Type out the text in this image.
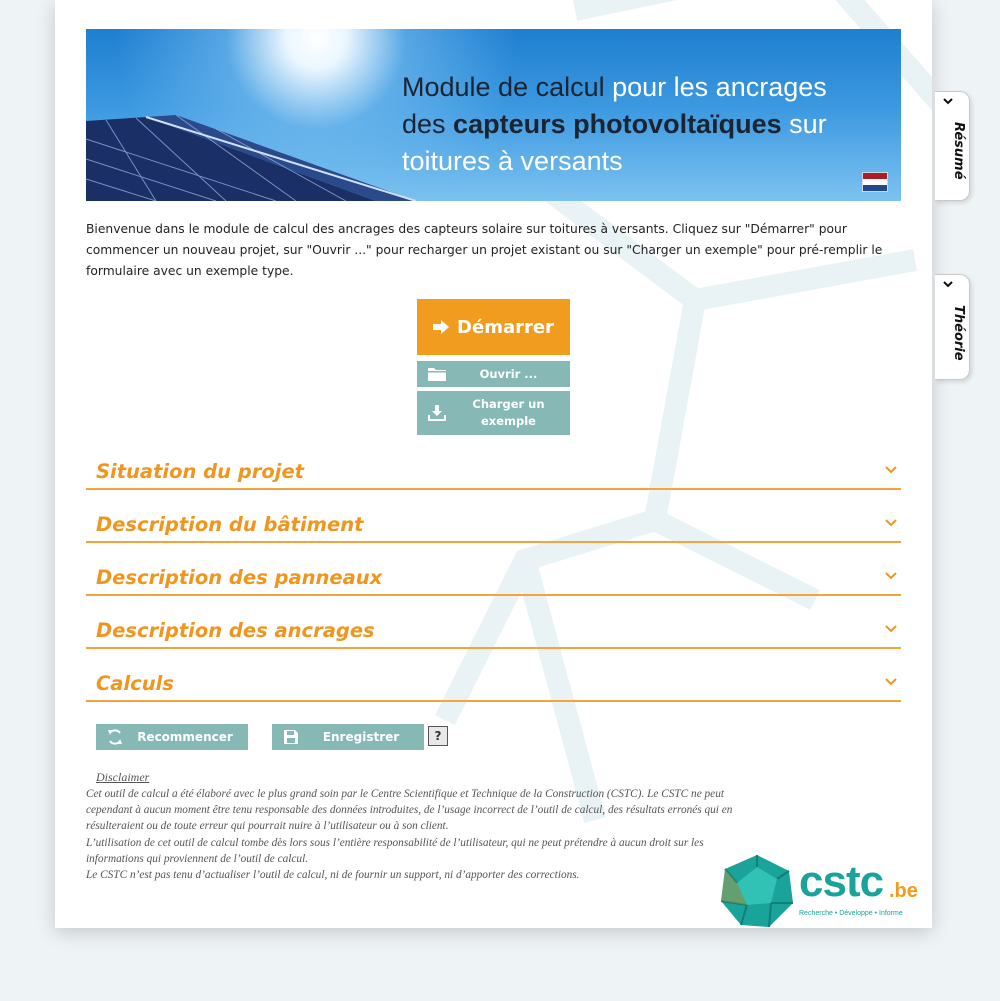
Module de calcul pour les ancrages
des capteurs photovoltaïques sur
toitures à versants

Bienvenue dans le module de calcul des ancrages des capteurs solaire sur toitures à versants. Cliquez sur "Démarrer" pour commencer un nouveau projet, sur "Ouvrir ..." pour recharger un projet existant ou sur "Charger un exemple" pour pré-remplir le formulaire avec un exemple type.

Démarrer
Ouvrir ...
Charger un exemple
Situation du projet
Description du bâtiment
Description des panneaux
Description des ancrages
Calculs
Recommencer	Enregistrer	?
Disclaimer

Cet outil de calcul a été élaboré avec le plus grand soin par le Centre Scientifique et Technique de la Construction (CSTC). Le CSTC ne peut cependant à aucun moment être tenu responsable des données introduites, de l’usage incorrect de l’outil de calcul, des résultats erronés qui en résulteraient ou de toute erreur qui pourrait nuire à l’utilisateur ou à son client.

L’utilisation de cet outil de calcul tombe dès lors sous l’entière responsabilité de l’utilisateur, qui ne peut prétendre à aucun droit sur les informations qui proviennent de l’outil de calcul.

Le CSTC n’est pas tenu d’actualiser l’outil de calcul, ni de fournir un support, ni d’apporter des corrections.	cstc .be
Recherche • Développe • Informe
Résumé
Théorie
